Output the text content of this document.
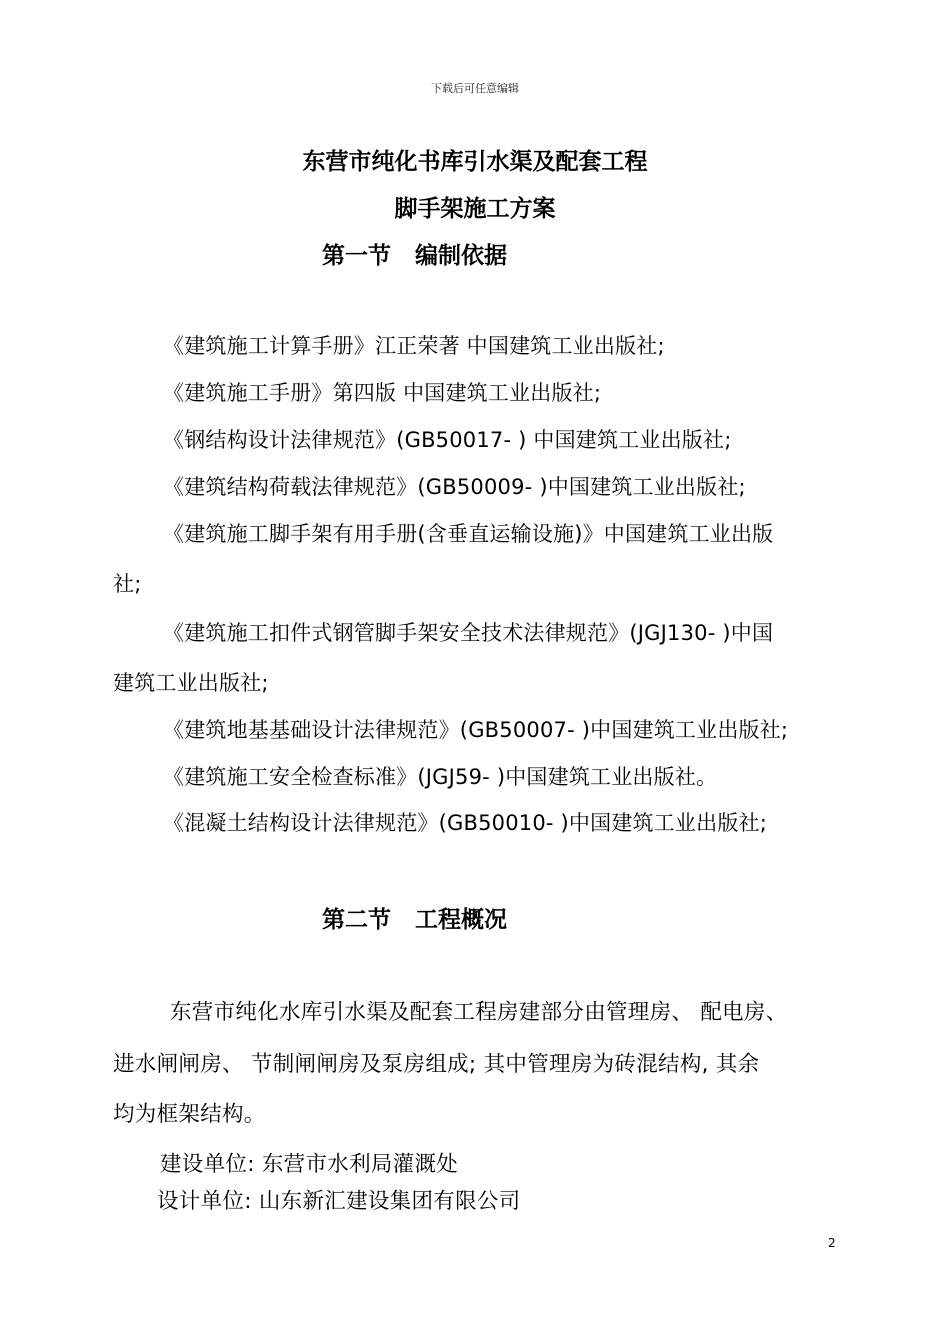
下载后可任意编辑
东营市纯化书库引水渠及配套工程
脚手架施工方案
第一节 编制依据
《建筑施工计算手册》江正荣著 中国建筑工业出版社;
《建筑施工手册》第四版 中国建筑工业出版社;
《钢结构设计法律规范》(GB50017- ) 中国建筑工业出版社;
《建筑结构荷载法律规范》(GB50009- )中国建筑工业出版社;
《建筑施工脚手架有用手册(含垂直运输设施)》中国建筑工业出版
社;
《建筑施工扣件式钢管脚手架安全技术法律规范》(JGJ130- )中国
建筑工业出版社;
《建筑地基基础设计法律规范》(GB50007- )中国建筑工业出版社;
《建筑施工安全检查标准》(JGJ59- )中国建筑工业出版社。
《混凝土结构设计法律规范》(GB50010- )中国建筑工业出版社;
第二节 工程概况
东营市纯化水库引水渠及配套工程房建部分由管理房、 配电房、
进水闸闸房、 节制闸闸房及泵房组成; 其中管理房为砖混结构, 其余
均为框架结构。
建设单位: 东营市水利局灌溉处
设计单位: 山东新汇建设集团有限公司
2
